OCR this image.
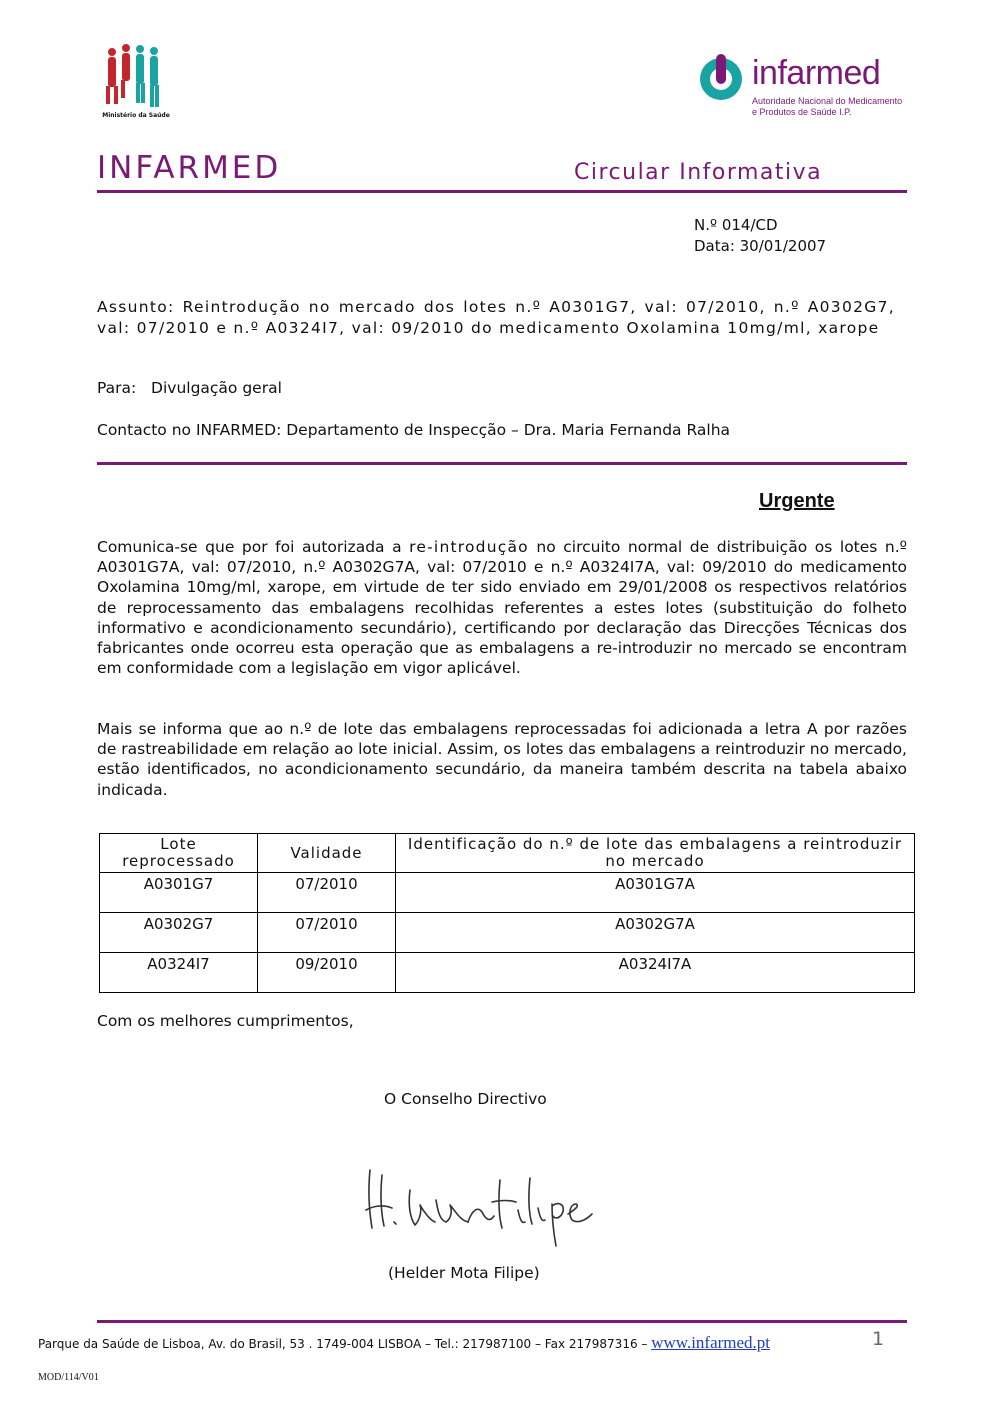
Ministério da Saúde
infarmed
Autoridade Nacional do Medicamento
e Produtos de Saúde I.P.
INFARMED	Circular Informativa
N.º 014/CD
Data: 30/01/2007
Assunto: Reintrodução no mercado dos lotes n.º A0301G7, val: 07/2010, n.º A0302G7, val: 07/2010 e n.º A0324I7, val: 09/2010 do medicamento Oxolamina 10mg/ml, xarope
Para:   Divulgação geral
Contacto no INFARMED: Departamento de Inspecção – Dra. Maria Fernanda Ralha
Urgente
Comunica-se que por foi autorizada a re-introdução no circuito normal de distribuição os lotes n.º A0301G7A, val: 07/2010, n.º A0302G7A, val: 07/2010 e n.º A0324I7A, val: 09/2010 do medicamento Oxolamina 10mg/ml, xarope, em virtude de ter sido enviado em 29/01/2008 os respectivos relatórios de reprocessamento das embalagens recolhidas referentes a estes lotes (substituição do folheto informativo e acondicionamento secundário), certificando por declaração das Direcções Técnicas dos fabricantes onde ocorreu esta operação que as embalagens a re-introduzir no mercado se encontram em conformidade com a legislação em vigor aplicável.
Mais se informa que ao n.º de lote das embalagens reprocessadas foi adicionada a letra A por razões de rastreabilidade em relação ao lote inicial. Assim, os lotes das embalagens a reintroduzir no mercado, estão identificados, no acondicionamento secundário, da maneira também descrita na tabela abaixo indicada.
Lote reprocessado	Validade	Identificação do n.º de lote das embalagens a reintroduzir no mercado
A0301G7	07/2010	A0301G7A
A0302G7	07/2010	A0302G7A
A0324I7	09/2010	A0324I7A
Com os melhores cumprimentos,
O Conselho Directivo
(Helder Mota Filipe)
Parque da Saúde de Lisboa, Av. do Brasil, 53 . 1749-004 LISBOA – Tel.: 217987100 – Fax 217987316 – www.infarmed.pt	1
MOD/114/V01
